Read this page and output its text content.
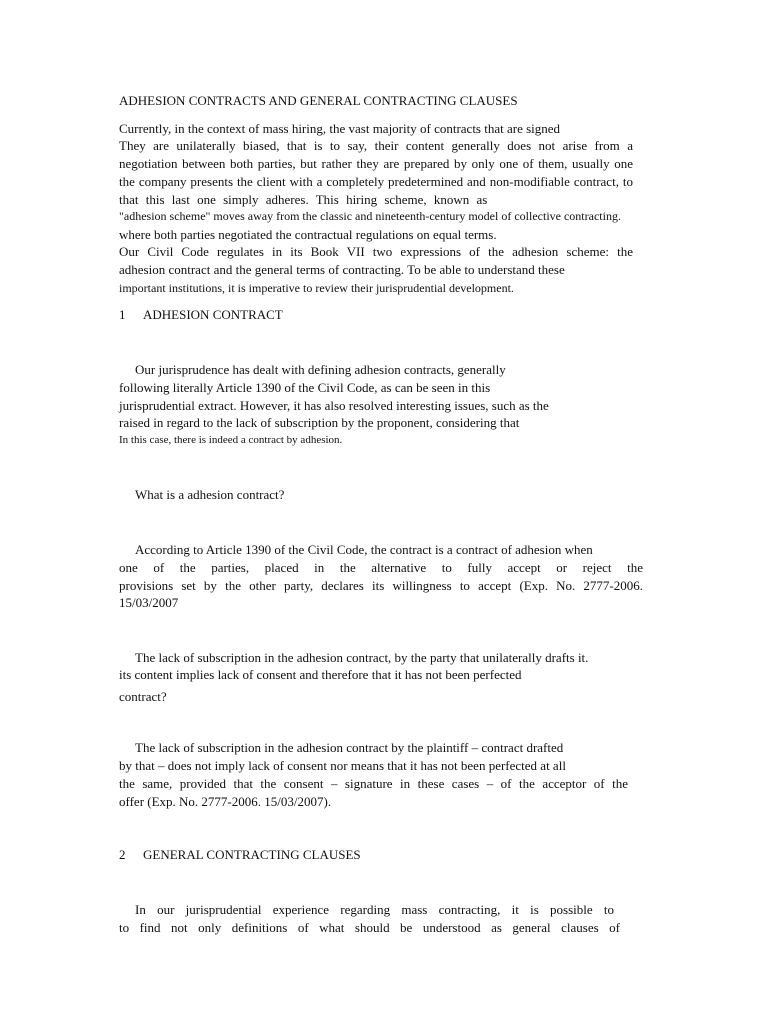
ADHESION CONTRACTS AND GENERAL CONTRACTING CLAUSES
Currently, in the context of mass hiring, the vast majority of contracts that are signed
They are unilaterally biased, that is to say, their content generally does not arise from a
negotiation between both parties, but rather they are prepared by only one of them, usually one
the company presents the client with a completely predetermined and non-modifiable contract, to
that this last one simply adheres. This hiring scheme, known as
"adhesion scheme" moves away from the classic and nineteenth-century model of collective contracting.
where both parties negotiated the contractual regulations on equal terms.
Our Civil Code regulates in its Book VII two expressions of the adhesion scheme: the
adhesion contract and the general terms of contracting. To be able to understand these
important institutions, it is imperative to review their jurisprudential development.
1 ADHESION CONTRACT
Our jurisprudence has dealt with defining adhesion contracts, generally
following literally Article 1390 of the Civil Code, as can be seen in this
jurisprudential extract. However, it has also resolved interesting issues, such as the
raised in regard to the lack of subscription by the proponent, considering that
In this case, there is indeed a contract by adhesion.
What is a adhesion contract?
According to Article 1390 of the Civil Code, the contract is a contract of adhesion when
one of the parties, placed in the alternative to fully accept or reject the
provisions set by the other party, declares its willingness to accept (Exp. No. 2777-2006.
15/03/2007
The lack of subscription in the adhesion contract, by the party that unilaterally drafts it.
its content implies lack of consent and therefore that it has not been perfected
contract?
The lack of subscription in the adhesion contract by the plaintiff – contract drafted
by that – does not imply lack of consent nor means that it has not been perfected at all
the same, provided that the consent – signature in these cases – of the acceptor of the
offer (Exp. No. 2777-2006. 15/03/2007).
2 GENERAL CONTRACTING CLAUSES
In our jurisprudential experience regarding mass contracting, it is possible to
to find not only definitions of what should be understood as general clauses of
